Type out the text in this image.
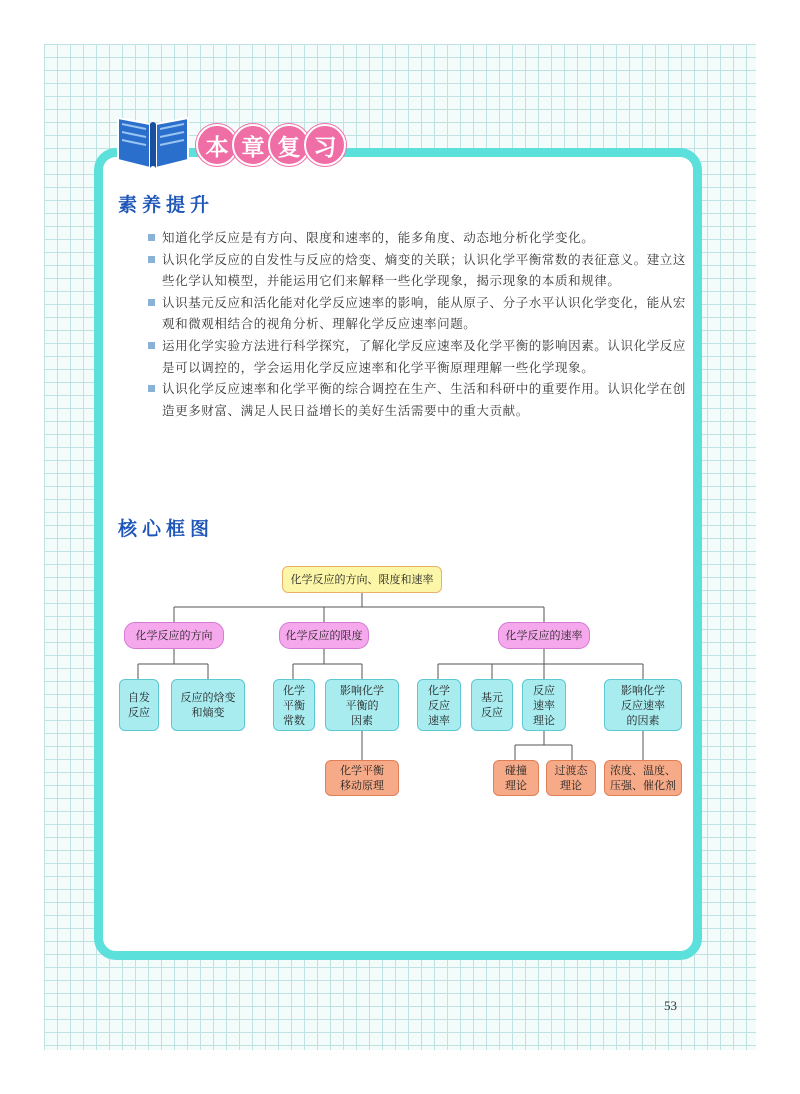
本 章 复 习
素养提升
知道化学反应是有方向、限度和速率的，能多角度、动态地分析化学变化。
认识化学反应的自发性与反应的焓变、熵变的关联；认识化学平衡常数的表征意义。建立这些化学认知模型，并能运用它们来解释一些化学现象，揭示现象的本质和规律。
认识基元反应和活化能对化学反应速率的影响，能从原子、分子水平认识化学变化，能从宏观和微观相结合的视角分析、理解化学反应速率问题。
运用化学实验方法进行科学探究，了解化学反应速率及化学平衡的影响因素。认识化学反应是可以调控的，学会运用化学反应速率和化学平衡原理理解一些化学现象。
认识化学反应速率和化学平衡的综合调控在生产、生活和科研中的重要作用。认识化学在创造更多财富、满足人民日益增长的美好生活需要中的重大贡献。
核心框图
化学反应的方向、限度和速率
化学反应的方向	化学反应的限度	化学反应的速率
自发
反应
反应的焓变
和熵变
化学
平衡
常数
影响化学
平衡的
因素
化学
反应
速率
基元
反应
反应
速率
理论
影响化学
反应速率
的因素
化学平衡
移动原理
碰撞
理论
过渡态
理论
浓度、温度、
压强、催化剂
53
